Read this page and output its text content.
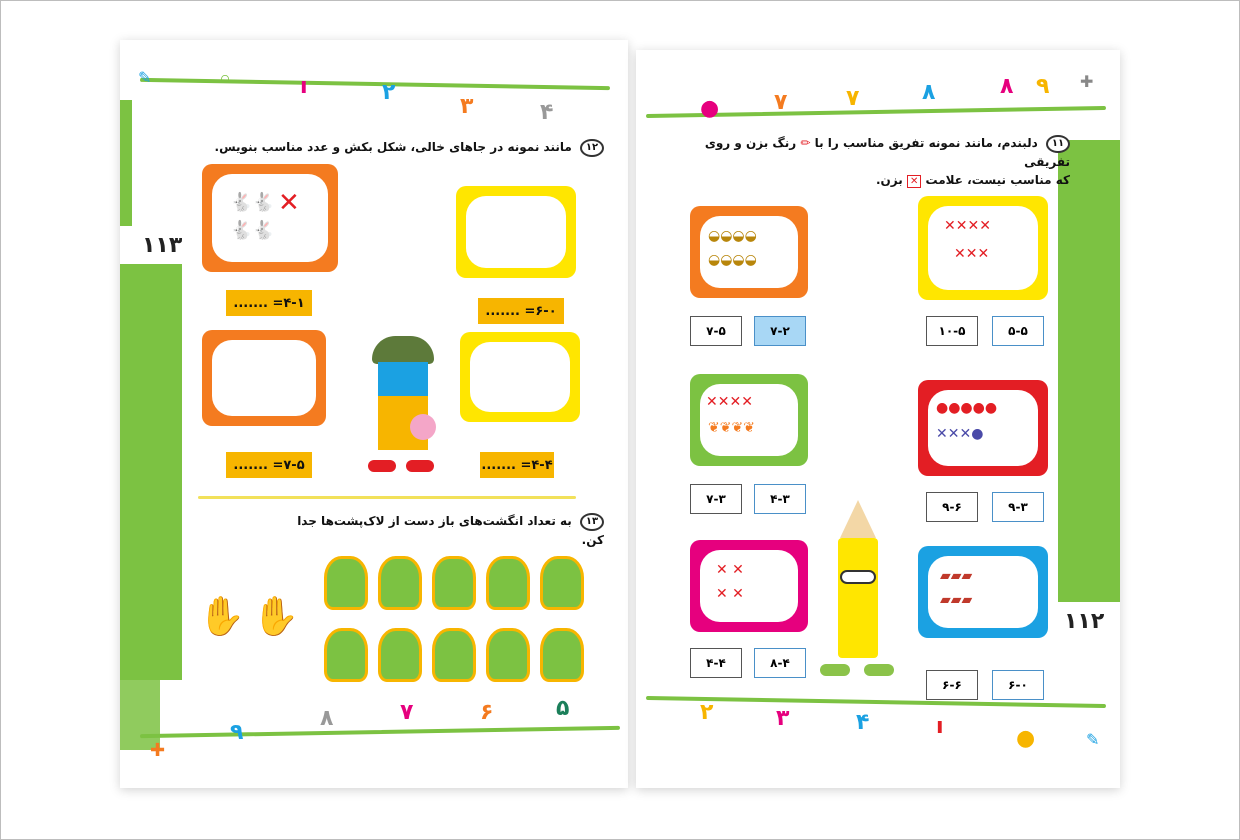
✎	◦	ı	۲
۳	۴
۱۱۳
۱۲ مانند نمونه در جاهای خالی، شکل بکش و عدد مناسب بنویس.
🐇🐇
🐇🐇
✕
۴-۱= .......
۶-۰= .......
۷-۵= .......	۴-۴= .......
۱۳ به تعداد انگشت‌های باز دست از لاک‌پشت‌ها جدا کن.
✋ ✋
✚
۹
۸	۷	۶	۵
● ۷	۷	۸	۸ ۹ ✚
۱۱۲
۱۱ دلبندم، مانند نمونه تفریق مناسب را با ✏ رنگ بزن و روی تفریقی
که مناسب نیست، علامت ✕ بزن.
◒◒◒◒
◒◒◒◒
✕✕✕✕
✕✕✕
۷-۵	۷-۲	۱۰-۵	۵-۵
✕✕✕✕
❦❦❦❦
●●●●●
✕✕✕●
۷-۳	۴-۳
۹-۶	۹-۳
✕ ✕
✕ ✕
▰▰▰
▰▰▰
۴-۴	۸-۴
۶-۶	۶-۰
۲	۳	۴	ı	●	✎
